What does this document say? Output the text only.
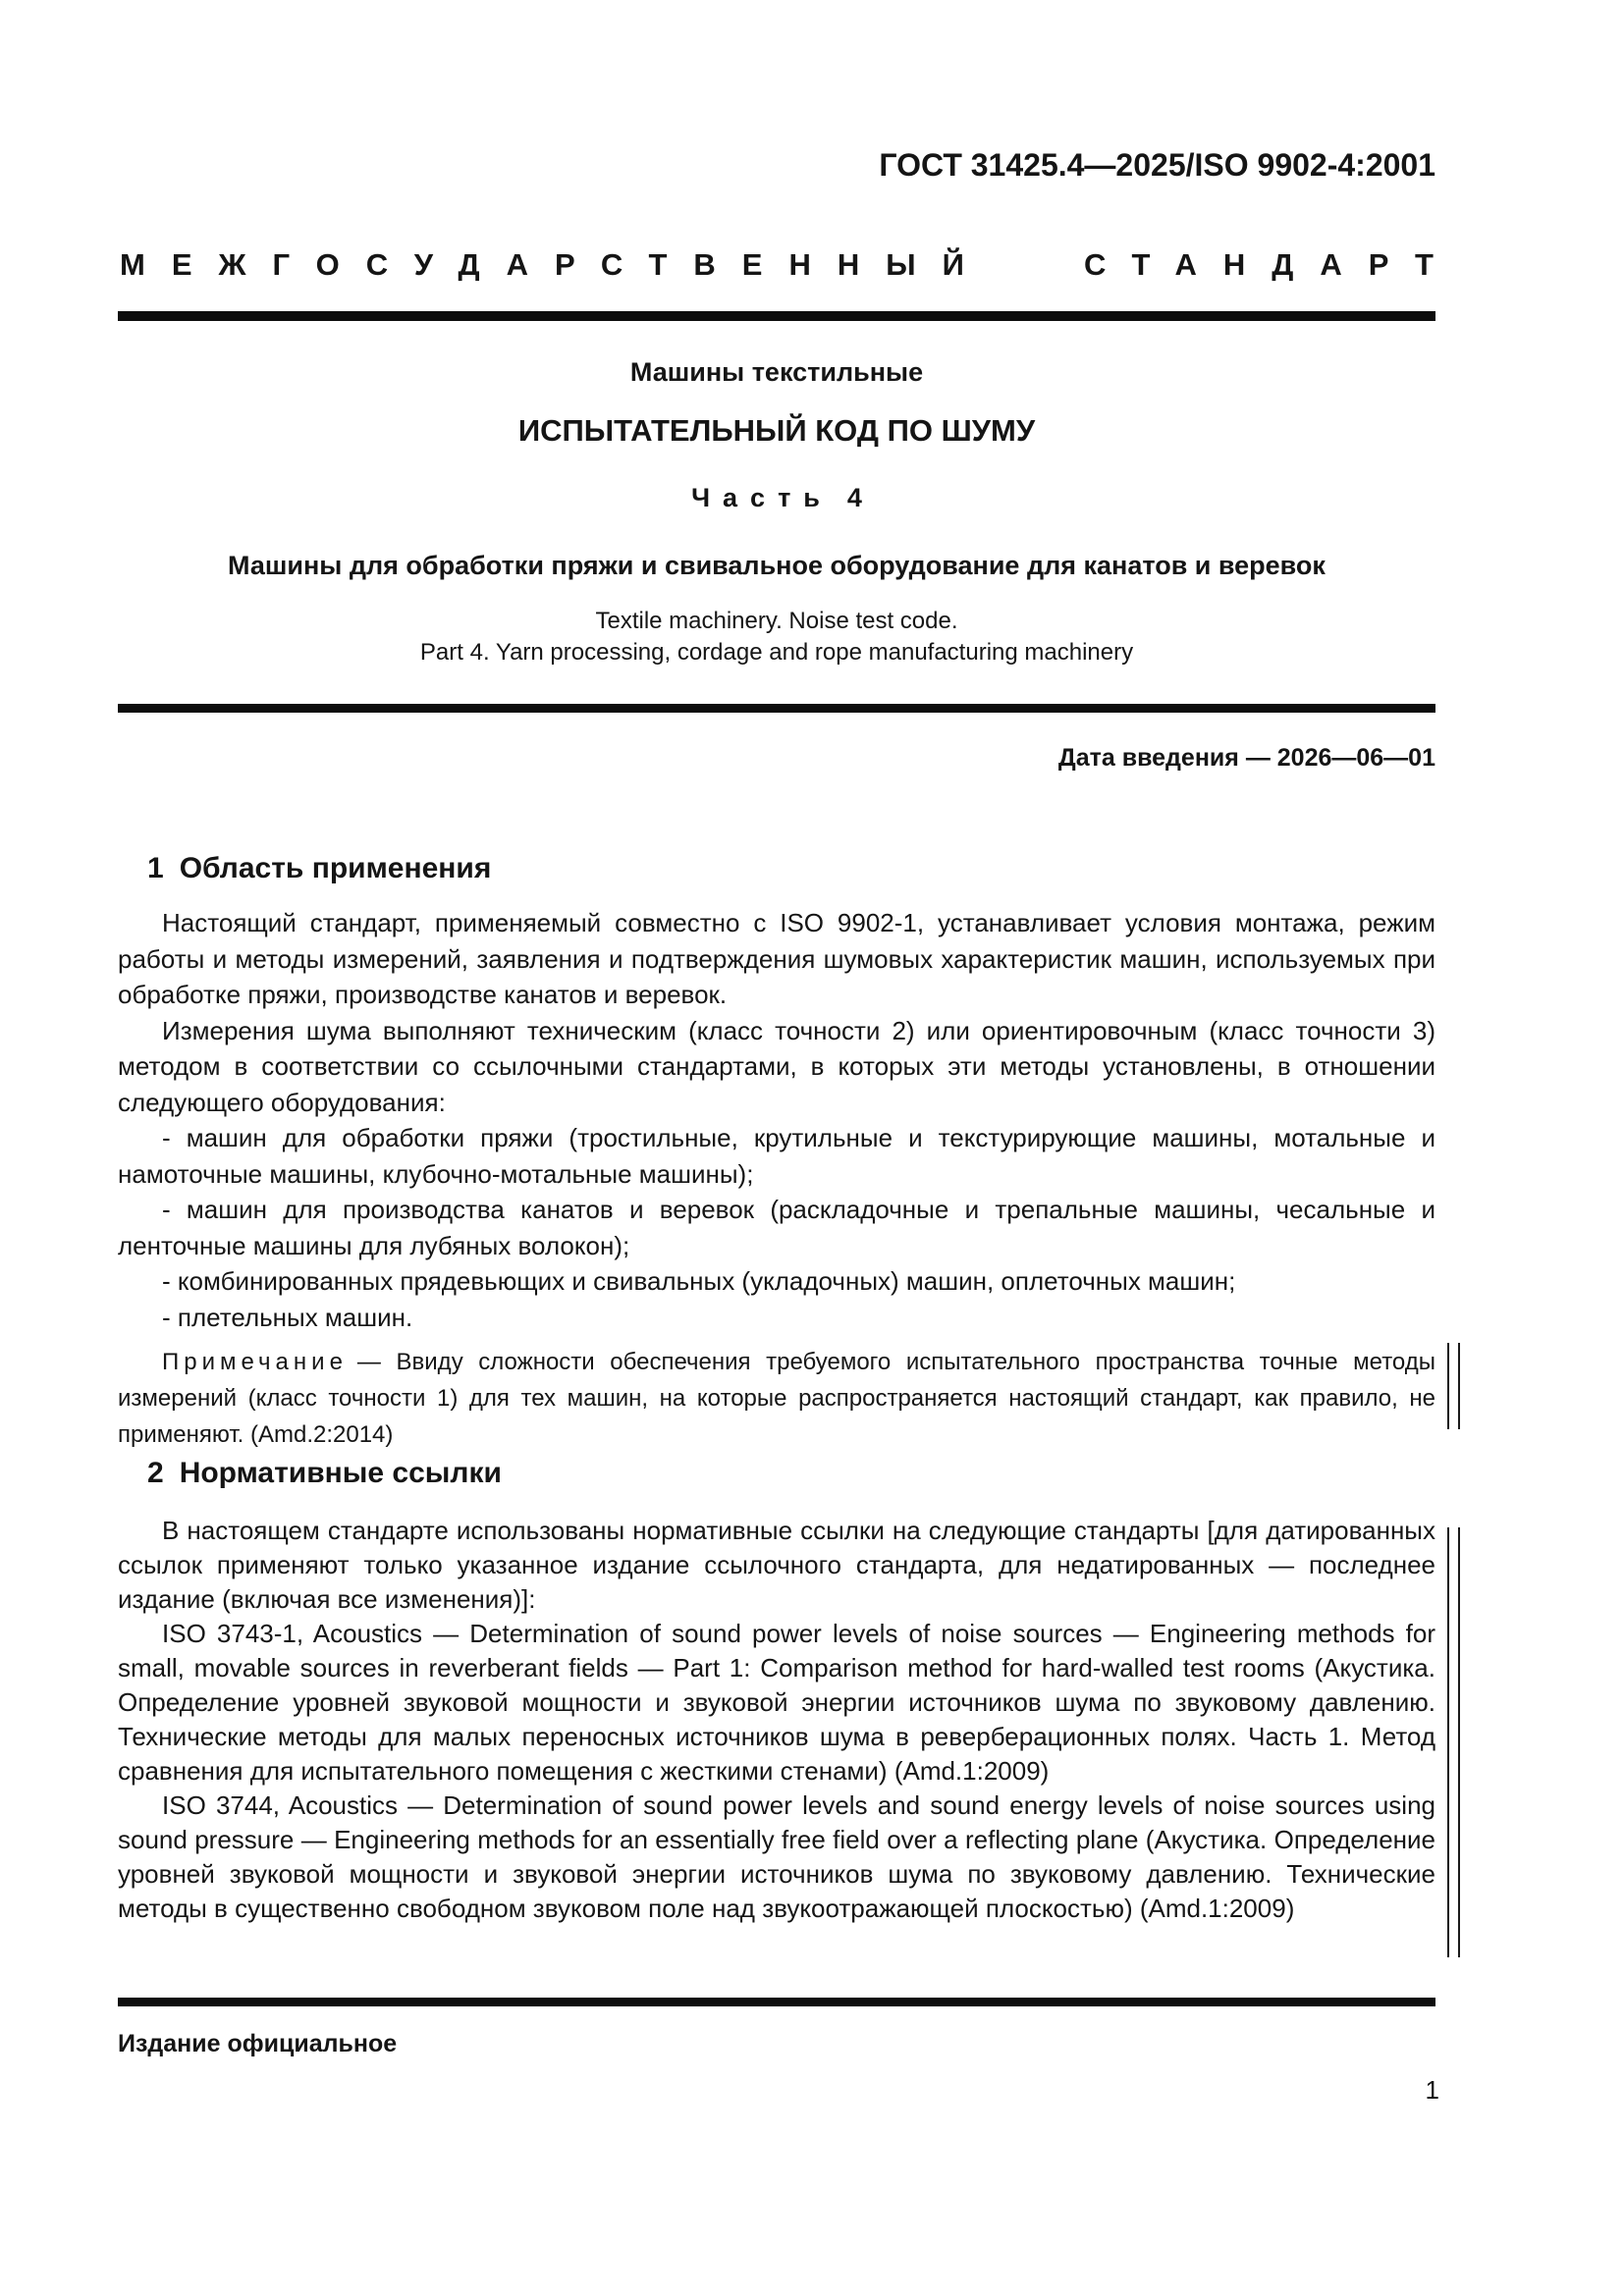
ГОСТ 31425.4—2025/ISO 9902-4:2001
МЕЖГОСУДАРСТВЕННЫЙ	СТАНДАРТ
Машины текстильные
ИСПЫТАТЕЛЬНЫЙ КОД ПО ШУМУ
Часть 4
Машины для обработки пряжи и свивальное оборудование для канатов и веревок
Textile machinery. Noise test code.
Part 4. Yarn processing, cordage and rope manufacturing machinery
Дата введения — 2026—06—01
1 Область применения

Настоящий стандарт, применяемый совместно с ISO 9902-1, устанавливает условия монтажа, режим работы и методы измерений, заявления и подтверждения шумовых характеристик машин, используемых при обработке пряжи, производстве канатов и веревок.

Измерения шума выполняют техническим (класс точности 2) или ориентировочным (класс точности 3) методом в соответствии со ссылочными стандартами, в которых эти методы установлены, в отношении следующего оборудования:

- машин для обработки пряжи (тростильные, крутильные и текстурирующие машины, мотальные и намоточные машины, клубочно-мотальные машины);

- машин для производства канатов и веревок (раскладочные и трепальные машины, чесальные и ленточные машины для лубяных волокон);

- комбинированных прядевьющих и свивальных (укладочных) машин, оплеточных машин;

- плетельных машин.

Примечание — Ввиду сложности обеспечения требуемого испытательного пространства точные методы измерений (класс точности 1) для тех машин, на которые распространяется настоящий стандарт, как правило, не применяют. (Amd.2:2014)

2 Нормативные ссылки

В настоящем стандарте использованы нормативные ссылки на следующие стандарты [для датированных ссылок применяют только указанное издание ссылочного стандарта, для недатированных — последнее издание (включая все изменения)]:

ISO 3743-1, Acoustics — Determination of sound power levels of noise sources — Engineering methods for small, movable sources in reverberant fields — Part 1: Comparison method for hard-walled test rooms (Акустика. Определение уровней звуковой мощности и звуковой энергии источников шума по звуковому давлению. Технические методы для малых переносных источников шума в реверберационных полях. Часть 1. Метод сравнения для испытательного помещения с жесткими стенами) (Amd.1:2009)

ISO 3744, Acoustics — Determination of sound power levels and sound energy levels of noise sources using sound pressure — Engineering methods for an essentially free field over a reflecting plane (Акустика. Определение уровней звуковой мощности и звуковой энергии источников шума по звуковому давлению. Технические методы в существенно свободном звуковом поле над звукоотражающей плоскостью) (Amd.1:2009)

Издание официальное
1
